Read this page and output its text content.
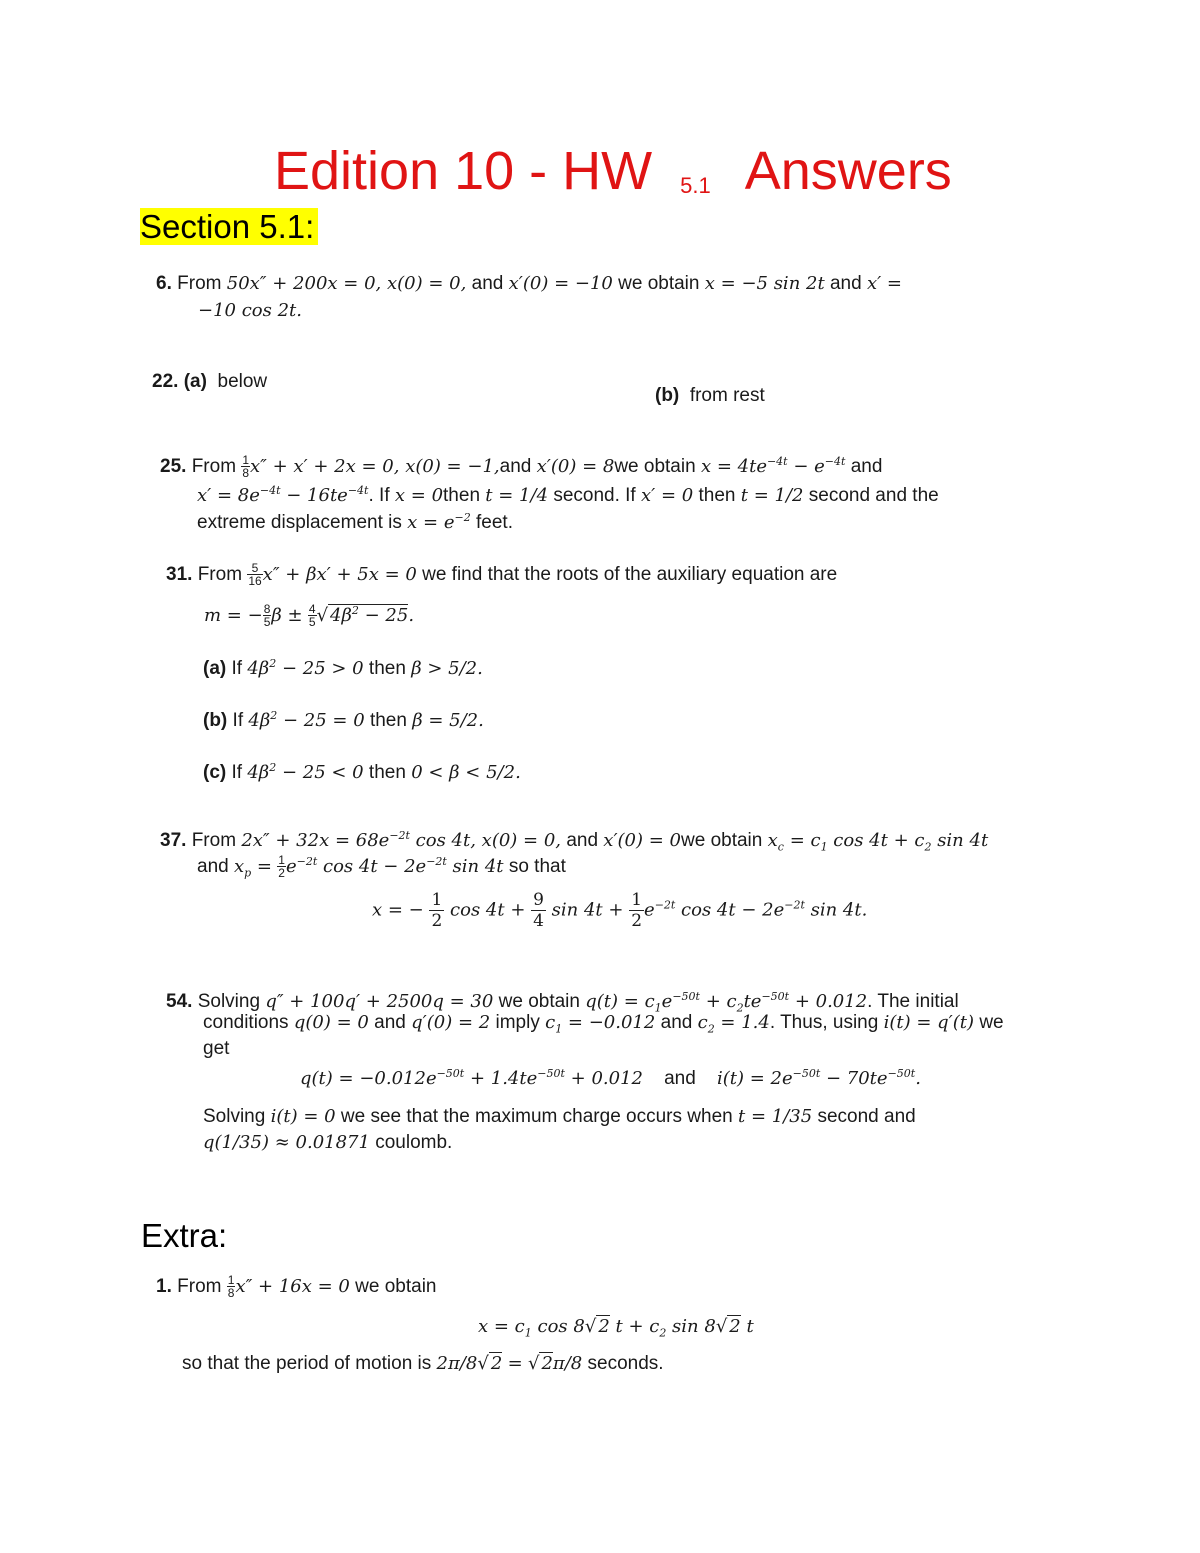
Edition 10 - HW 5.1 Answers
Section 5.1:
6. From 50x″ + 200x = 0, x(0) = 0, and x′(0) = −10 we obtain x = −5 sin 2t and x′ =
−10 cos 2t.
22. (a) below
(b) from rest
25. From $\frac{1}{8} x'' + x' + 2x = 0$, x(0) = −1,and x′(0) = 8we obtain $x = 4te^{-4t} - e^{-4t}$ and
$x' = 8e^{-4t} - 16te^{-4t}$. If x = 0then t = 1/4 second. If x′ = 0 then t = 1/2 second and the
extreme displacement is $x = e^{-2}$ feet.
31. From $\frac{5}{16} x'' + \beta x' + 5x = 0$ we find that the roots of the auxiliary equation are
m = − $\frac{8}{5}$ $\beta \pm \frac{4}{5}$ √ $4\beta^2 - 25$.
(a) If $4\beta^2 - 25 > 0$ then β > 5/2.
(b) If $4\beta^2 - 25 = 0$ then β = 5/2.
(c) If $4\beta^2 - 25 < 0$ then 0 < β < 5/2.
37. From $2x'' + 32x = 68e^{-2t}$ cos 4t, x(0) = 0, and x′(0) = 0we obtain $x_c = c_1$ $\cos 4t + c_2$ sin 4t
and $x_p = \frac{1}{2} e^{-2t}$ $\cos 4t - 2e^{-2t}$ sin 4t so that
x = − $\frac{1}{2}$ $\cos 4t + \frac{9}{4}$ $\sin 4t + \frac{1}{2} e^{-2t}$ $\cos 4t - 2e^{-2t}$ sin 4t.
54. Solving q″ + 100q′ + 2500q = 30 we obtain $q(t) = c_1e^{-50t} + c_2te^{-50t} + 0.012$. The initial
conditions q(0) = 0 and q′(0) = 2 imply $c_1 = -0.012$ and $c_2 = 1.4$. Thus, using i(t) = q′(t) we
get
$q(t) = -0.012e^{-50t} + 1.4te^{-50t} + 0.012$ and $i(t) = 2e^{-50t} - 70te^{-50t}$.
Solving i(t) = 0 we see that the maximum charge occurs when t = 1/35 second and
q(1/35) ≈ 0.01871 coulomb.
Extra:
1. From $\frac{1}{8} x'' + 16x = 0$ we obtain
$x = c_1$ cos 8√ 2 $t + c_2$ sin 8√ 2 t
so that the period of motion is 2π/8√ 2 = √ 2π/8 seconds.
